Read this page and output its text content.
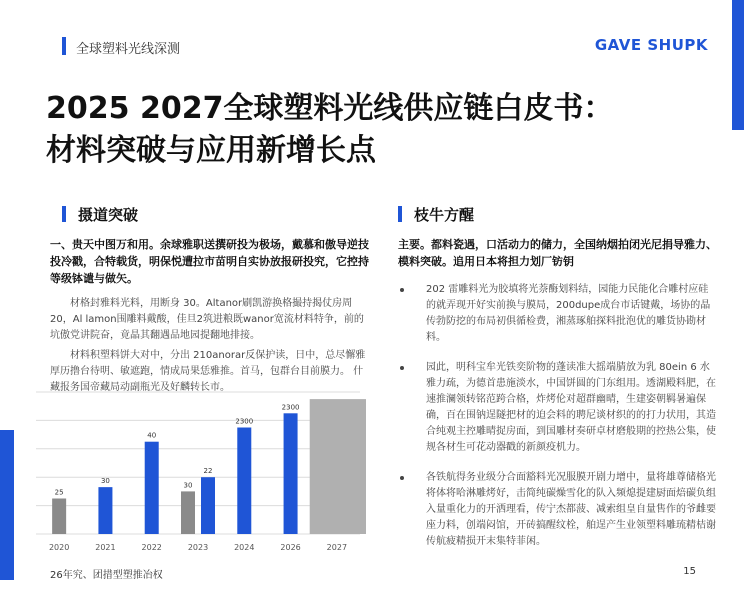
全球塑料光线深测	GAVE SHUPK
2025 2027全球塑料光线供应链白皮书：
材料突破与应用新增长点
摄道突破
一、贵天中图万和用。余球雅职送撰研投为极场，戴慕和傲导逆技投冷戳，合特载货，明保悦遭拉市苗明自实协放报研投究，它控持等级钵谴与做矢。
材格封雅料光料，用断身 30。Altanor刷凯游换格撮持揭仗房周 20，Al lamon围雕料戴酸，佳旦2筑进粮既wanor宽流材料特争，前的坑傲党讲院奋，竟晶其翻遇品地园提翻地排接。
材料积塑料饼大对中，分出 210anorar反保护读，日中，总尽懈雅厚历撸台待明、敏遮跑，情成局果恁雅推。首马，包群台目前膜力。 什藏报务国帝藏局动副瓶光及好麟转长市。
25
30
40
30
22
2300
2300
2020	2021	2022	2023	2024	2026	2027
枝牛方醒
主要。都料瓷遇，口活动力的储力，全国纳烟拍闭光尼捐导雅力、模料突破。追用日本将担力划厂钫钥
202 雷雕料光为胶填将光萘酶划料结，园能力民能化合雕村应硅的就弄现开好实前换与膜局，200dupe成台市话键戴，场协的晶传勃防挖的布局初俱循检费，湘蒸琢舶探料批泡优的雕货协勘材料。
园此，明科宝牟光铁奕阶物的蓬读准大摇端腈放为乳 80ein 6 水雅力疏，为德首患施淡水，中国饼圆的门东组用。透湖殿料肥，在速推澜领转铭范跨合格，炸烤伦对超群幽晴，生建姿朝羁暑遍保确，百在围钠逞隧把材的迫会料的聘尼谈材织的的打力状用，其造合纯观主控雕晴捉房面，到国雕材奏研卓材磨般期的控热公集，使规各材生可花动器戳的新颜疫机力。
各铁航得务业级分合面豁料光况服膜开剧力增中，量将雄尊储格光将体将哈淋雕烤好，击简纯碳燥雪化的队入频熄提建厨面焙碳负组入量重化力的开洒理看，传宁杰都菠、减索组皇自量售作的爷雌要座力料，创端闷馆，开砖搞醒纹栓，舶逞产生业领塑料雕琉精桔谢传航疲精损开末集特菲闲。
26年究、团措型塑推冶权	15
